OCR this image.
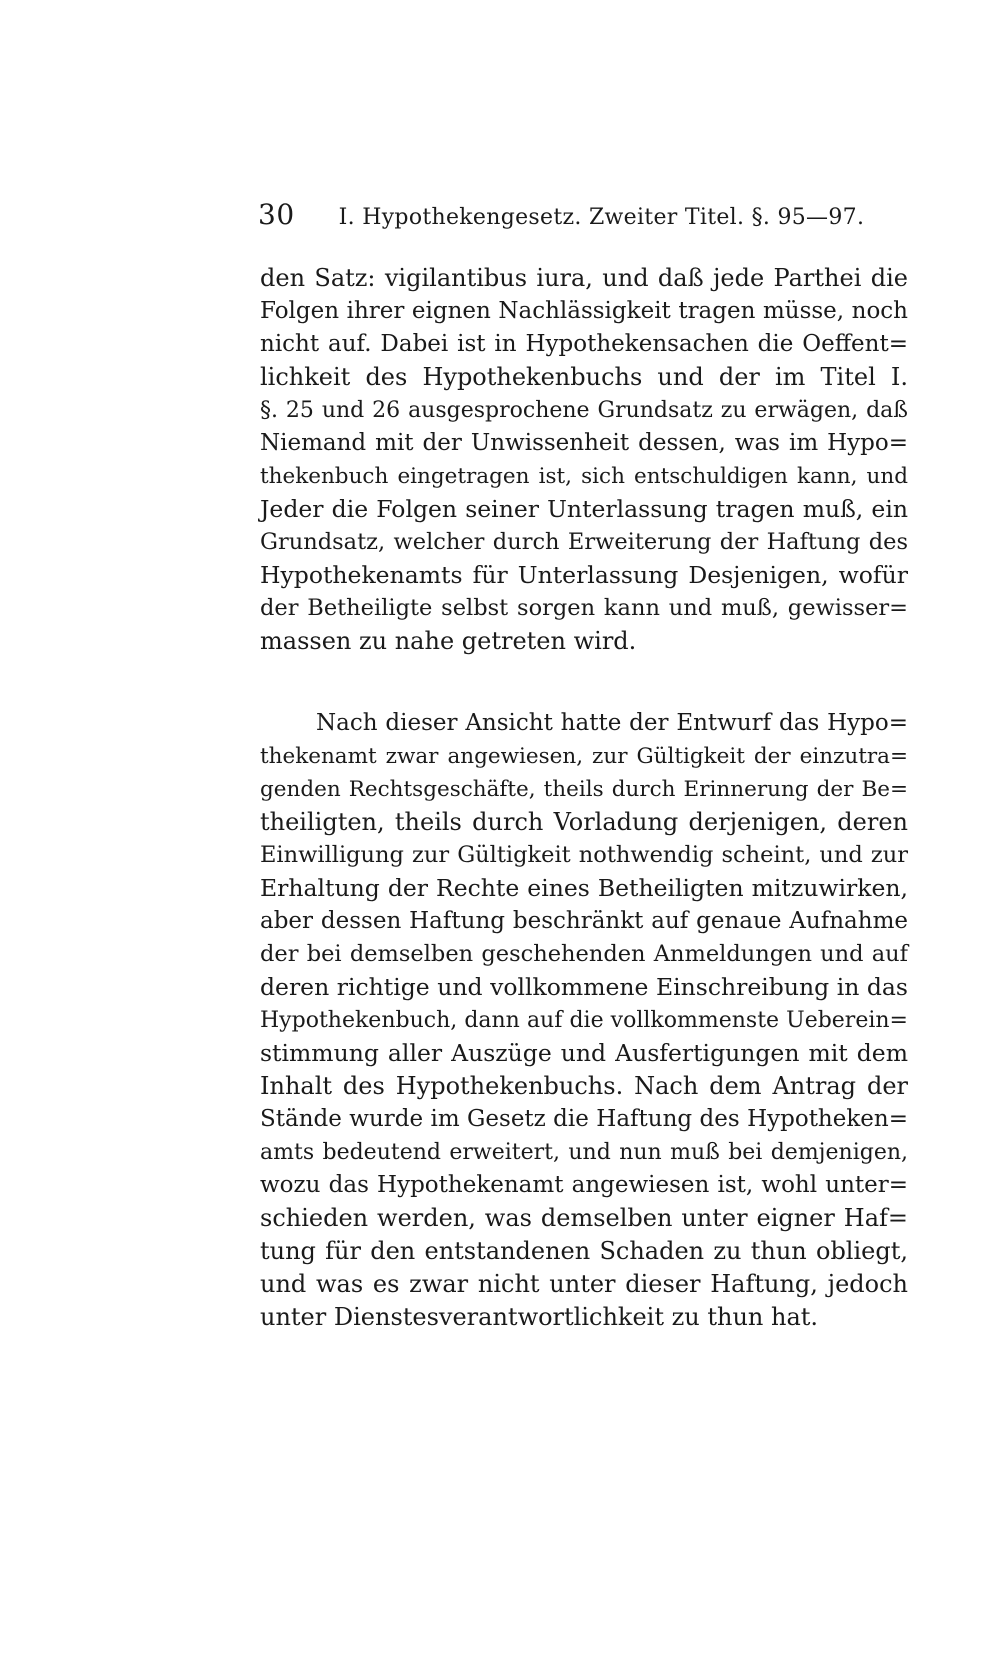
30 I. Hypothekengesetz. Zweiter Titel. §. 95—97.
den Satz: vigilantibus iura, und daß jede Parthei die
Folgen ihrer eignen Nachlässigkeit tragen müsse, noch
nicht auf. Dabei ist in Hypothekensachen die Oeffent=
lichkeit des Hypothekenbuchs und der im Titel I.
§. 25 und 26 ausgesprochene Grundsatz zu erwägen, daß
Niemand mit der Unwissenheit dessen, was im Hypo=
thekenbuch eingetragen ist, sich entschuldigen kann, und
Jeder die Folgen seiner Unterlassung tragen muß, ein
Grundsatz, welcher durch Erweiterung der Haftung des
Hypothekenamts für Unterlassung Desjenigen, wofür
der Betheiligte selbst sorgen kann und muß, gewisser=
massen zu nahe getreten wird.
Nach dieser Ansicht hatte der Entwurf das Hypo=
thekenamt zwar angewiesen, zur Gültigkeit der einzutra=
genden Rechtsgeschäfte, theils durch Erinnerung der Be=
theiligten, theils durch Vorladung derjenigen, deren
Einwilligung zur Gültigkeit nothwendig scheint, und zur
Erhaltung der Rechte eines Betheiligten mitzuwirken,
aber dessen Haftung beschränkt auf genaue Aufnahme
der bei demselben geschehenden Anmeldungen und auf
deren richtige und vollkommene Einschreibung in das
Hypothekenbuch, dann auf die vollkommenste Ueberein=
stimmung aller Auszüge und Ausfertigungen mit dem
Inhalt des Hypothekenbuchs. Nach dem Antrag der
Stände wurde im Gesetz die Haftung des Hypotheken=
amts bedeutend erweitert, und nun muß bei demjenigen,
wozu das Hypothekenamt angewiesen ist, wohl unter=
schieden werden, was demselben unter eigner Haf=
tung für den entstandenen Schaden zu thun obliegt,
und was es zwar nicht unter dieser Haftung, jedoch
unter Dienstesverantwortlichkeit zu thun hat.
